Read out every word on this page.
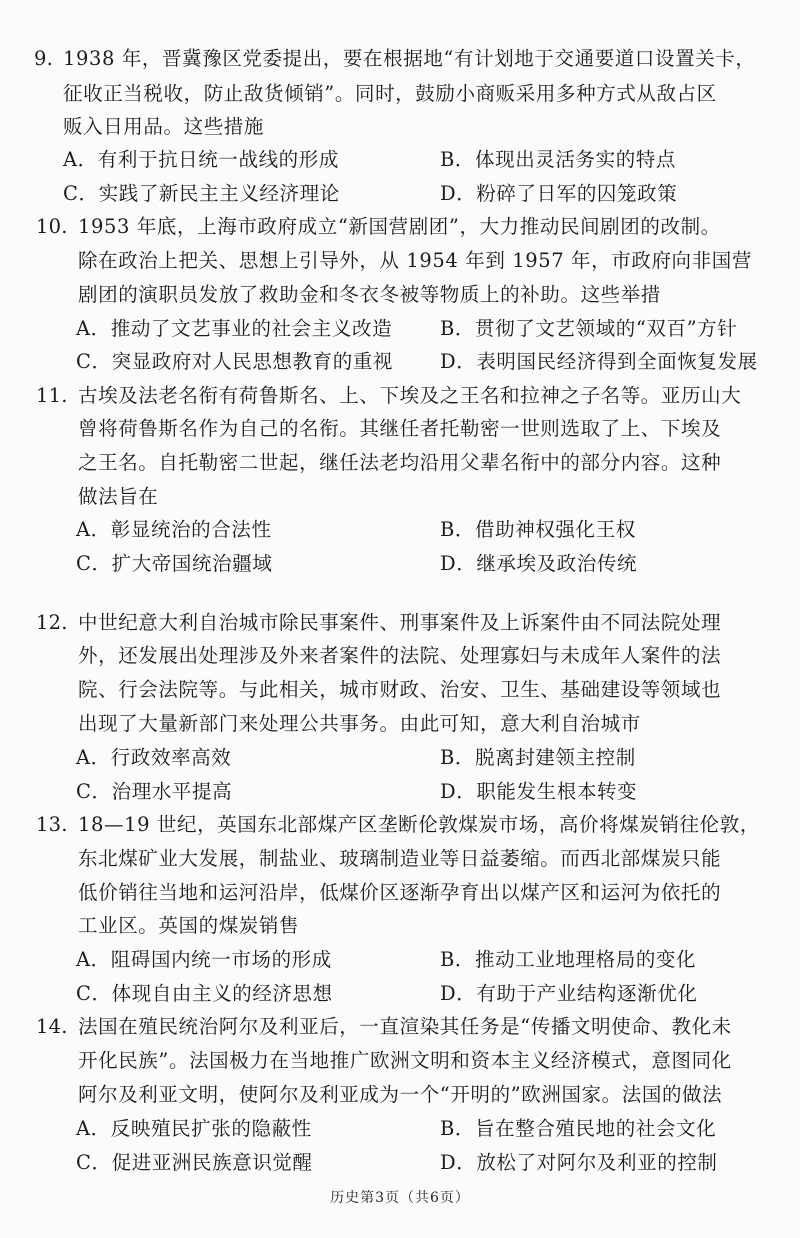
9. 1938 年，晋冀豫区党委提出，要在根据地“有计划地于交通要道口设置关卡，
征收正当税收，防止敌货倾销”。同时，鼓励小商贩采用多种方式从敌占区
贩入日用品。这些措施
A．有利于抗日统一战线的形成	B．体现出灵活务实的特点
C．实践了新民主主义经济理论	D．粉碎了日军的囚笼政策
10. 1953 年底，上海市政府成立“新国营剧团”，大力推动民间剧团的改制。
除在政治上把关、思想上引导外，从 1954 年到 1957 年，市政府向非国营
剧团的演职员发放了救助金和冬衣冬被等物质上的补助。这些举措
A．推动了文艺事业的社会主义改造 B．贯彻了文艺领域的“双百”方针
C．突显政府对人民思想教育的重视 D．表明国民经济得到全面恢复发展
11. 古埃及法老名衔有荷鲁斯名、上、下埃及之王名和拉神之子名等。亚历山大
曾将荷鲁斯名作为自己的名衔。其继任者托勒密一世则选取了上、下埃及
之王名。自托勒密二世起，继任法老均沿用父辈名衔中的部分内容。这种
做法旨在
A．彰显统治的合法性	B．借助神权强化王权
C．扩大帝国统治疆域	D．继承埃及政治传统
12. 中世纪意大利自治城市除民事案件、刑事案件及上诉案件由不同法院处理
外，还发展出处理涉及外来者案件的法院、处理寡妇与未成年人案件的法
院、行会法院等。与此相关，城市财政、治安、卫生、基础建设等领域也
出现了大量新部门来处理公共事务。由此可知，意大利自治城市
A．行政效率高效	B．脱离封建领主控制
C．治理水平提高	D．职能发生根本转变
13. 18—19 世纪，英国东北部煤产区垄断伦敦煤炭市场，高价将煤炭销往伦敦，
东北煤矿业大发展，制盐业、玻璃制造业等日益萎缩。而西北部煤炭只能
低价销往当地和运河沿岸，低煤价区逐渐孕育出以煤产区和运河为依托的
工业区。英国的煤炭销售
A．阻碍国内统一市场的形成	B．推动工业地理格局的变化
C．体现自由主义的经济思想	D．有助于产业结构逐渐优化
14. 法国在殖民统治阿尔及利亚后，一直渲染其任务是“传播文明使命、教化未
开化民族”。法国极力在当地推广欧洲文明和资本主义经济模式，意图同化
阿尔及利亚文明，使阿尔及利亚成为一个“开明的”欧洲国家。法国的做法
A．反映殖民扩张的隐蔽性	B．旨在整合殖民地的社会文化
C．促进亚洲民族意识觉醒	D．放松了对阿尔及利亚的控制
历史第3页（共6页）
